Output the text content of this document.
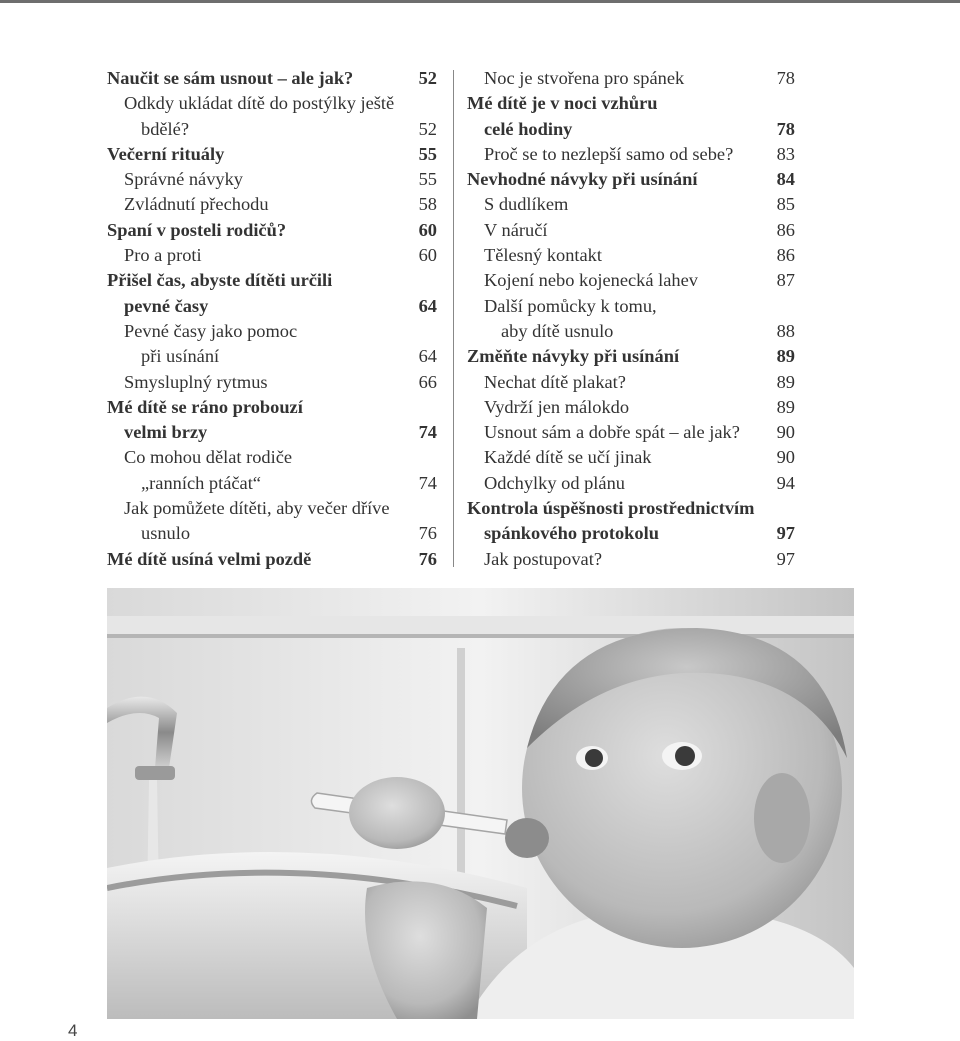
Naučit se sám usnout – ale jak?	52
Odkdy ukládat dítě do postýlky ještě
bdělé?	52
Večerní rituály	55
Správné návyky	55
Zvládnutí přechodu	58
Spaní v posteli rodičů?	60
Pro a proti	60
Přišel čas, abyste dítěti určili
pevné časy	64
Pevné časy jako pomoc
při usínání	64
Smysluplný rytmus	66
Mé dítě se ráno probouzí
velmi brzy	74
Co mohou dělat rodiče
„ranních ptáčat“	74
Jak pomůžete dítěti, aby večer dříve
usnulo	76
Mé dítě usíná velmi pozdě	76
Noc je stvořena pro spánek	78
Mé dítě je v noci vzhůru
celé hodiny	78
Proč se to nezlepší samo od sebe?	83
Nevhodné návyky při usínání	84
S dudlíkem	85
V náručí	86
Tělesný kontakt	86
Kojení nebo kojenecká lahev	87
Další pomůcky k tomu,
aby dítě usnulo	88
Změňte návyky při usínání	89
Nechat dítě plakat?	89
Vydrží jen málokdo	89
Usnout sám a dobře spát – ale jak?	90
Každé dítě se učí jinak	90
Odchylky od plánu	94
Kontrola úspěšnosti prostřednictvím
spánkového protokolu	97
Jak postupovat?	97
4
